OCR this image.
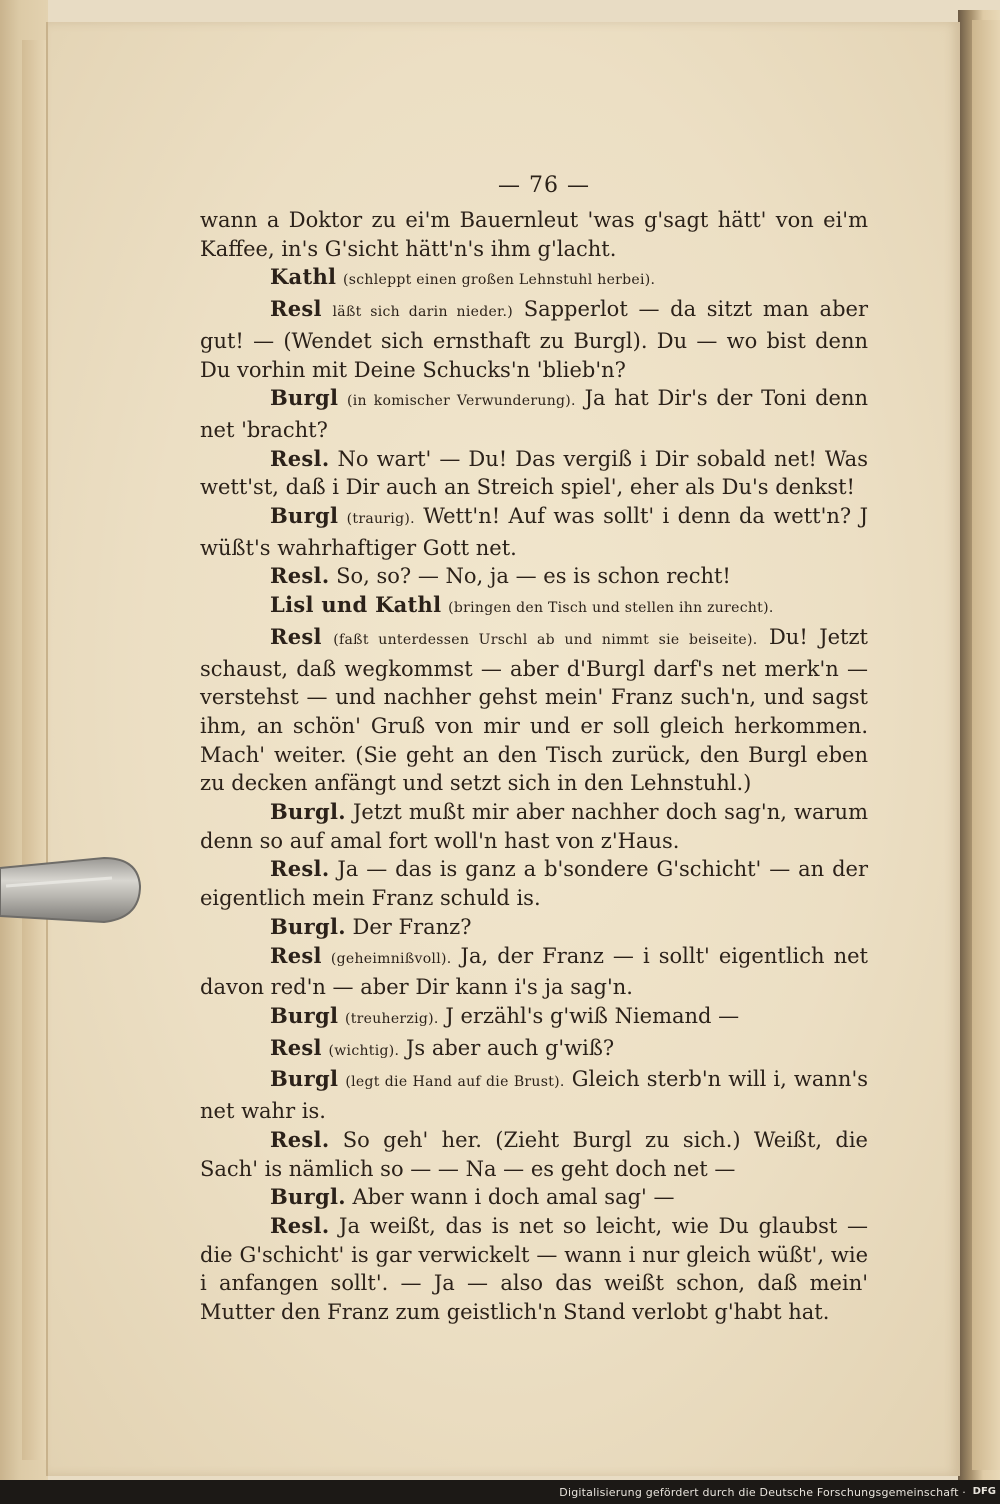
— 76 —

wann a Doktor zu ei'm Bauernleut 'was g'sagt hätt' von ei'm Kaffee, in's G'sicht hätt'n's ihm g'lacht.

Kathl (schleppt einen großen Lehnstuhl herbei).

Resl läßt sich darin nieder.) Sapperlot — da sitzt man aber gut! — (Wendet sich ernsthaft zu Burgl). Du — wo bist denn Du vorhin mit Deine Schucks'n 'blieb'n?

Burgl (in komischer Verwunderung). Ja hat Dir's der Toni denn net 'bracht?

Resl. No wart' — Du! Das vergiß i Dir sobald net! Was wett'st, daß i Dir auch an Streich spiel', eher als Du's denkst!

Burgl (traurig). Wett'n! Auf was sollt' i denn da wett'n? J wüßt's wahrhaftiger Gott net.

Resl. So, so? — No, ja — es is schon recht!

Lisl und Kathl (bringen den Tisch und stellen ihn zurecht).

Resl (faßt unterdessen Urschl ab und nimmt sie beiseite). Du! Jetzt schaust, daß wegkommst — aber d'Burgl darf's net merk'n — verstehst — und nachher gehst mein' Franz such'n, und sagst ihm, an schön' Gruß von mir und er soll gleich herkommen. Mach' weiter. (Sie geht an den Tisch zurück, den Burgl eben zu decken anfängt und setzt sich in den Lehnstuhl.)

Burgl. Jetzt mußt mir aber nachher doch sag'n, warum denn so auf amal fort woll'n hast von z'Haus.

Resl. Ja — das is ganz a b'sondere G'schicht' — an der eigentlich mein Franz schuld is.

Burgl. Der Franz?

Resl (geheimnißvoll). Ja, der Franz — i sollt' eigentlich net davon red'n — aber Dir kann i's ja sag'n.

Burgl (treuherzig). J erzähl's g'wiß Niemand —

Resl (wichtig). Js aber auch g'wiß?

Burgl (legt die Hand auf die Brust). Gleich sterb'n will i, wann's net wahr is.

Resl. So geh' her. (Zieht Burgl zu sich.) Weißt, die Sach' is nämlich so — — Na — es geht doch net —

Burgl. Aber wann i doch amal sag' —

Resl. Ja weißt, das is net so leicht, wie Du glaubst — die G'schicht' is gar verwickelt — wann i nur gleich wüßt', wie i anfangen sollt'. — Ja — also das weißt schon, daß mein' Mutter den Franz zum geistlich'n Stand verlobt g'habt hat.

Digitalisierung gefördert durch die Deutsche Forschungsgemeinschaft · DFG
